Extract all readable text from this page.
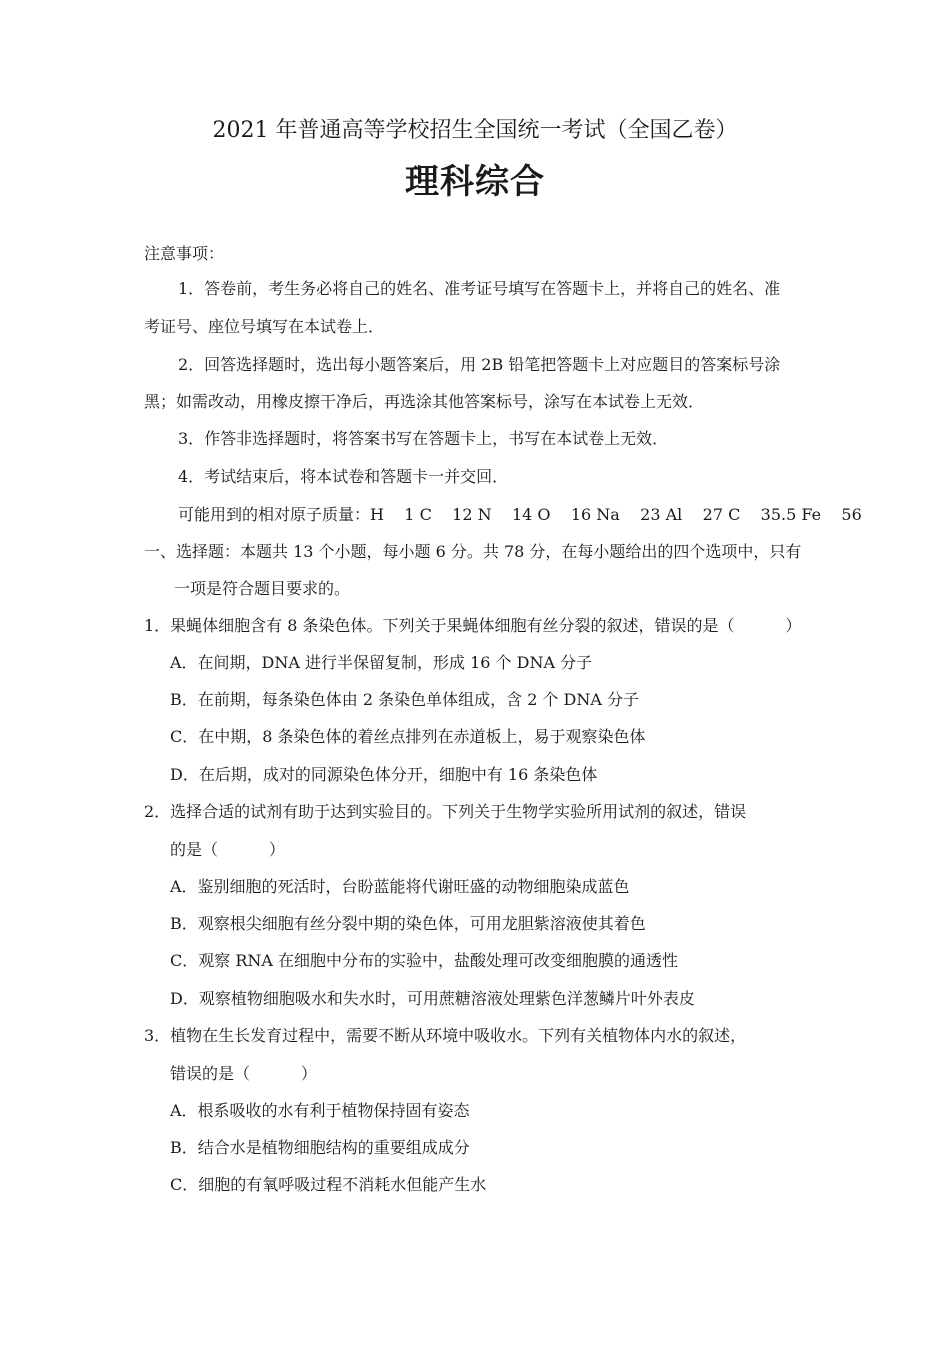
2021 年普通高等学校招生全国统一考试（全国乙卷）
理科综合
注意事项：
1．答卷前，考生务必将自己的姓名、准考证号填写在答题卡上，并将自己的姓名、准
考证号、座位号填写在本试卷上．
2．回答选择题时，选出每小题答案后，用 2B 铅笔把答题卡上对应题目的答案标号涂
黑；如需改动，用橡皮擦干净后，再选涂其他答案标号，涂写在本试卷上无效．
3．作答非选择题时，将答案书写在答题卡上，书写在本试卷上无效．
4．考试结束后，将本试卷和答题卡一并交回．
可能用到的相对原子质量：H    1 C    12 N    14 O    16 Na    23 Al    27 C    35.5 Fe    56
一、选择题：本题共 13 个小题，每小题 6 分。共 78 分，在每小题给出的四个选项中，只有
一项是符合题目要求的。
1．果蝇体细胞含有 8 条染色体。下列关于果蝇体细胞有丝分裂的叙述，错误的是（          ）
A．在间期，DNA 进行半保留复制，形成 16 个 DNA 分子
B．在前期，每条染色体由 2 条染色单体组成，含 2 个 DNA 分子
C．在中期，8 条染色体的着丝点排列在赤道板上，易于观察染色体
D．在后期，成对的同源染色体分开，细胞中有 16 条染色体
2．选择合适的试剂有助于达到实验目的。下列关于生物学实验所用试剂的叙述，错误
的是（          ）
A．鉴别细胞的死活时，台盼蓝能将代谢旺盛的动物细胞染成蓝色
B．观察根尖细胞有丝分裂中期的染色体，可用龙胆紫溶液使其着色
C．观察 RNA 在细胞中分布的实验中，盐酸处理可改变细胞膜的通透性
D．观察植物细胞吸水和失水时，可用蔗糖溶液处理紫色洋葱鳞片叶外表皮
3．植物在生长发育过程中，需要不断从环境中吸收水。下列有关植物体内水的叙述，
错误的是（          ）
A．根系吸收的水有利于植物保持固有姿态
B．结合水是植物细胞结构的重要组成成分
C．细胞的有氧呼吸过程不消耗水但能产生水
